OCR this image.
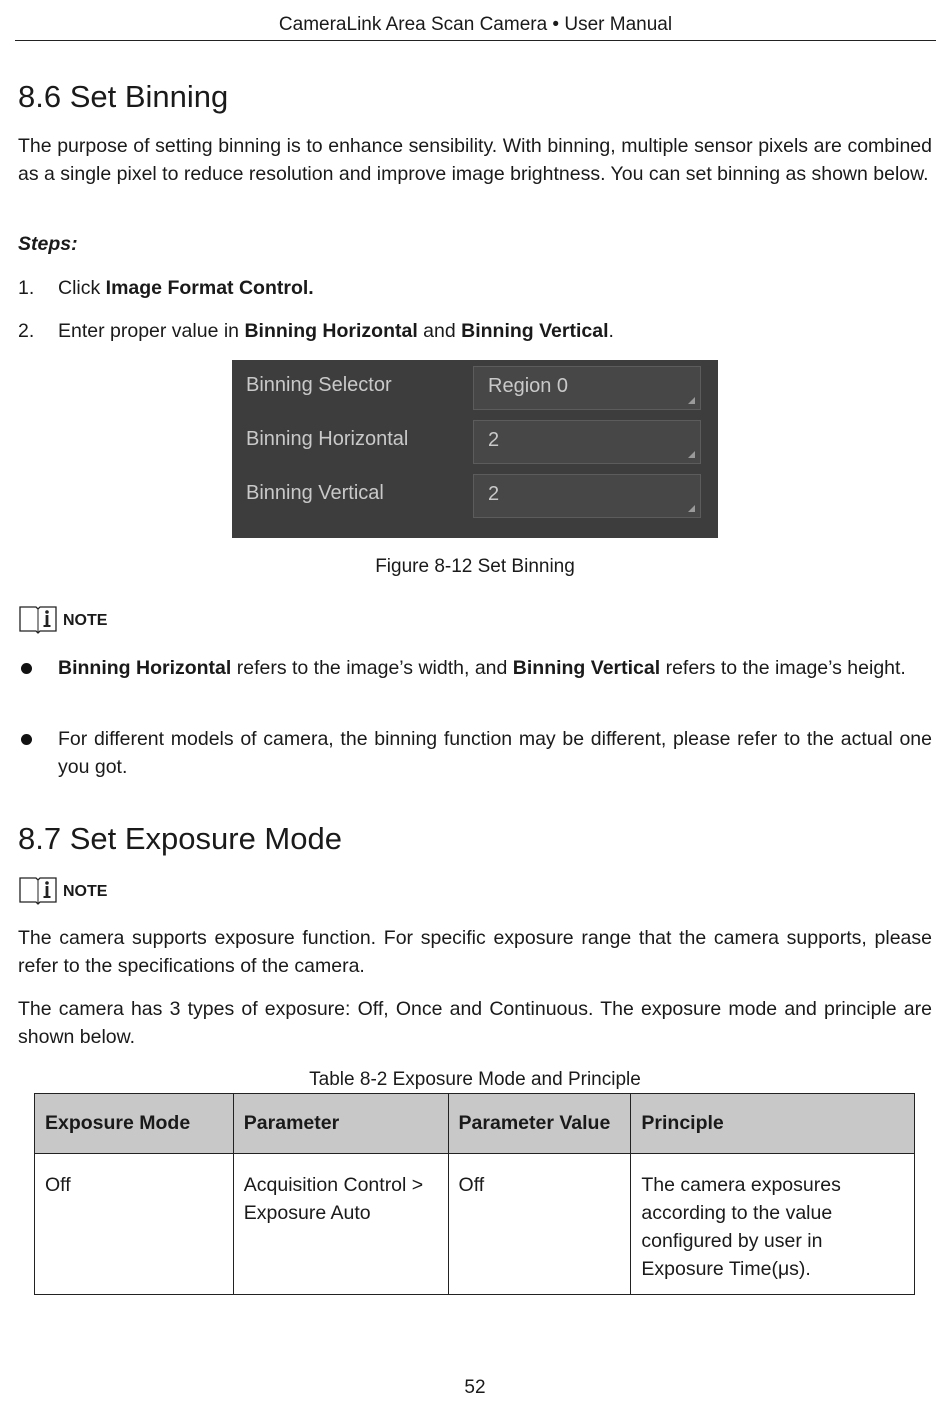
CameraLink Area Scan Camera • User Manual
8.6 Set Binning

The purpose of setting binning is to enhance sensibility. With binning, multiple sensor pixels are combined as a single pixel to reduce resolution and improve image brightness. You can set binning as shown below.

Steps:
1. Click Image Format Control.
2. Enter proper value in Binning Horizontal and Binning Vertical.
Binning Selector	Region 0
Binning Horizontal	2
Binning Vertical	2
Figure 8-12 Set Binning
NOTE
Binning Horizontal refers to the image’s width, and Binning Vertical refers to the image’s height.
For different models of camera, the binning function may be different, please refer to the actual one you got.
8.7 Set Exposure Mode
NOTE

The camera supports exposure function. For specific exposure range that the camera supports, please refer to the specifications of the camera.

The camera has 3 types of exposure: Off, Once and Continuous. The exposure mode and principle are shown below.

Table 8-2 Exposure Mode and Principle
Exposure Mode	Parameter	Parameter Value	Principle
Off	Acquisition Control > Exposure Auto	Off	The camera exposures according to the value configured by user in Exposure Time(μs).
52
